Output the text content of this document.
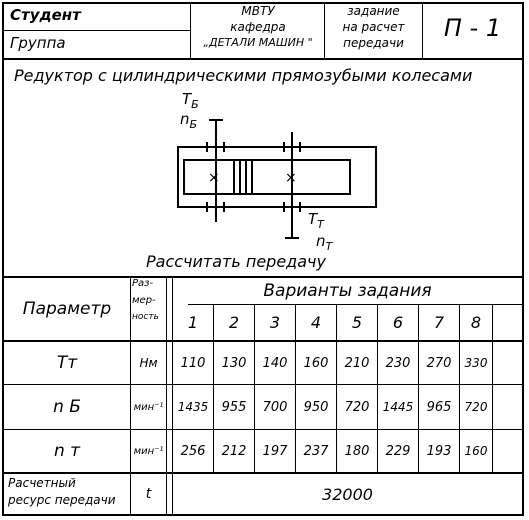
Студент
Группа
МВТУ
кафедра
„ДЕТАЛИ МАШИН "
задание
на расчет
передачи
П - 1
Редуктор с цилиндрическими прямозубыми колесами
×	×
$T_Б$
$n_Б$
$T_Т$
$n_Т$
Рассчитать передачу
Параметр
Раз-
мер-
ность
Варианты задания
1	2	3	4	5	6	7	8
Tт	Нм	110	130	140	160	210	230	270	330
n Б	мин⁻¹	1435	955	700	950	720	1445	965	720
n т	мин⁻¹	256	212	197	237	180	229	193	160
Расчетный
ресурс передачи	t	32000
